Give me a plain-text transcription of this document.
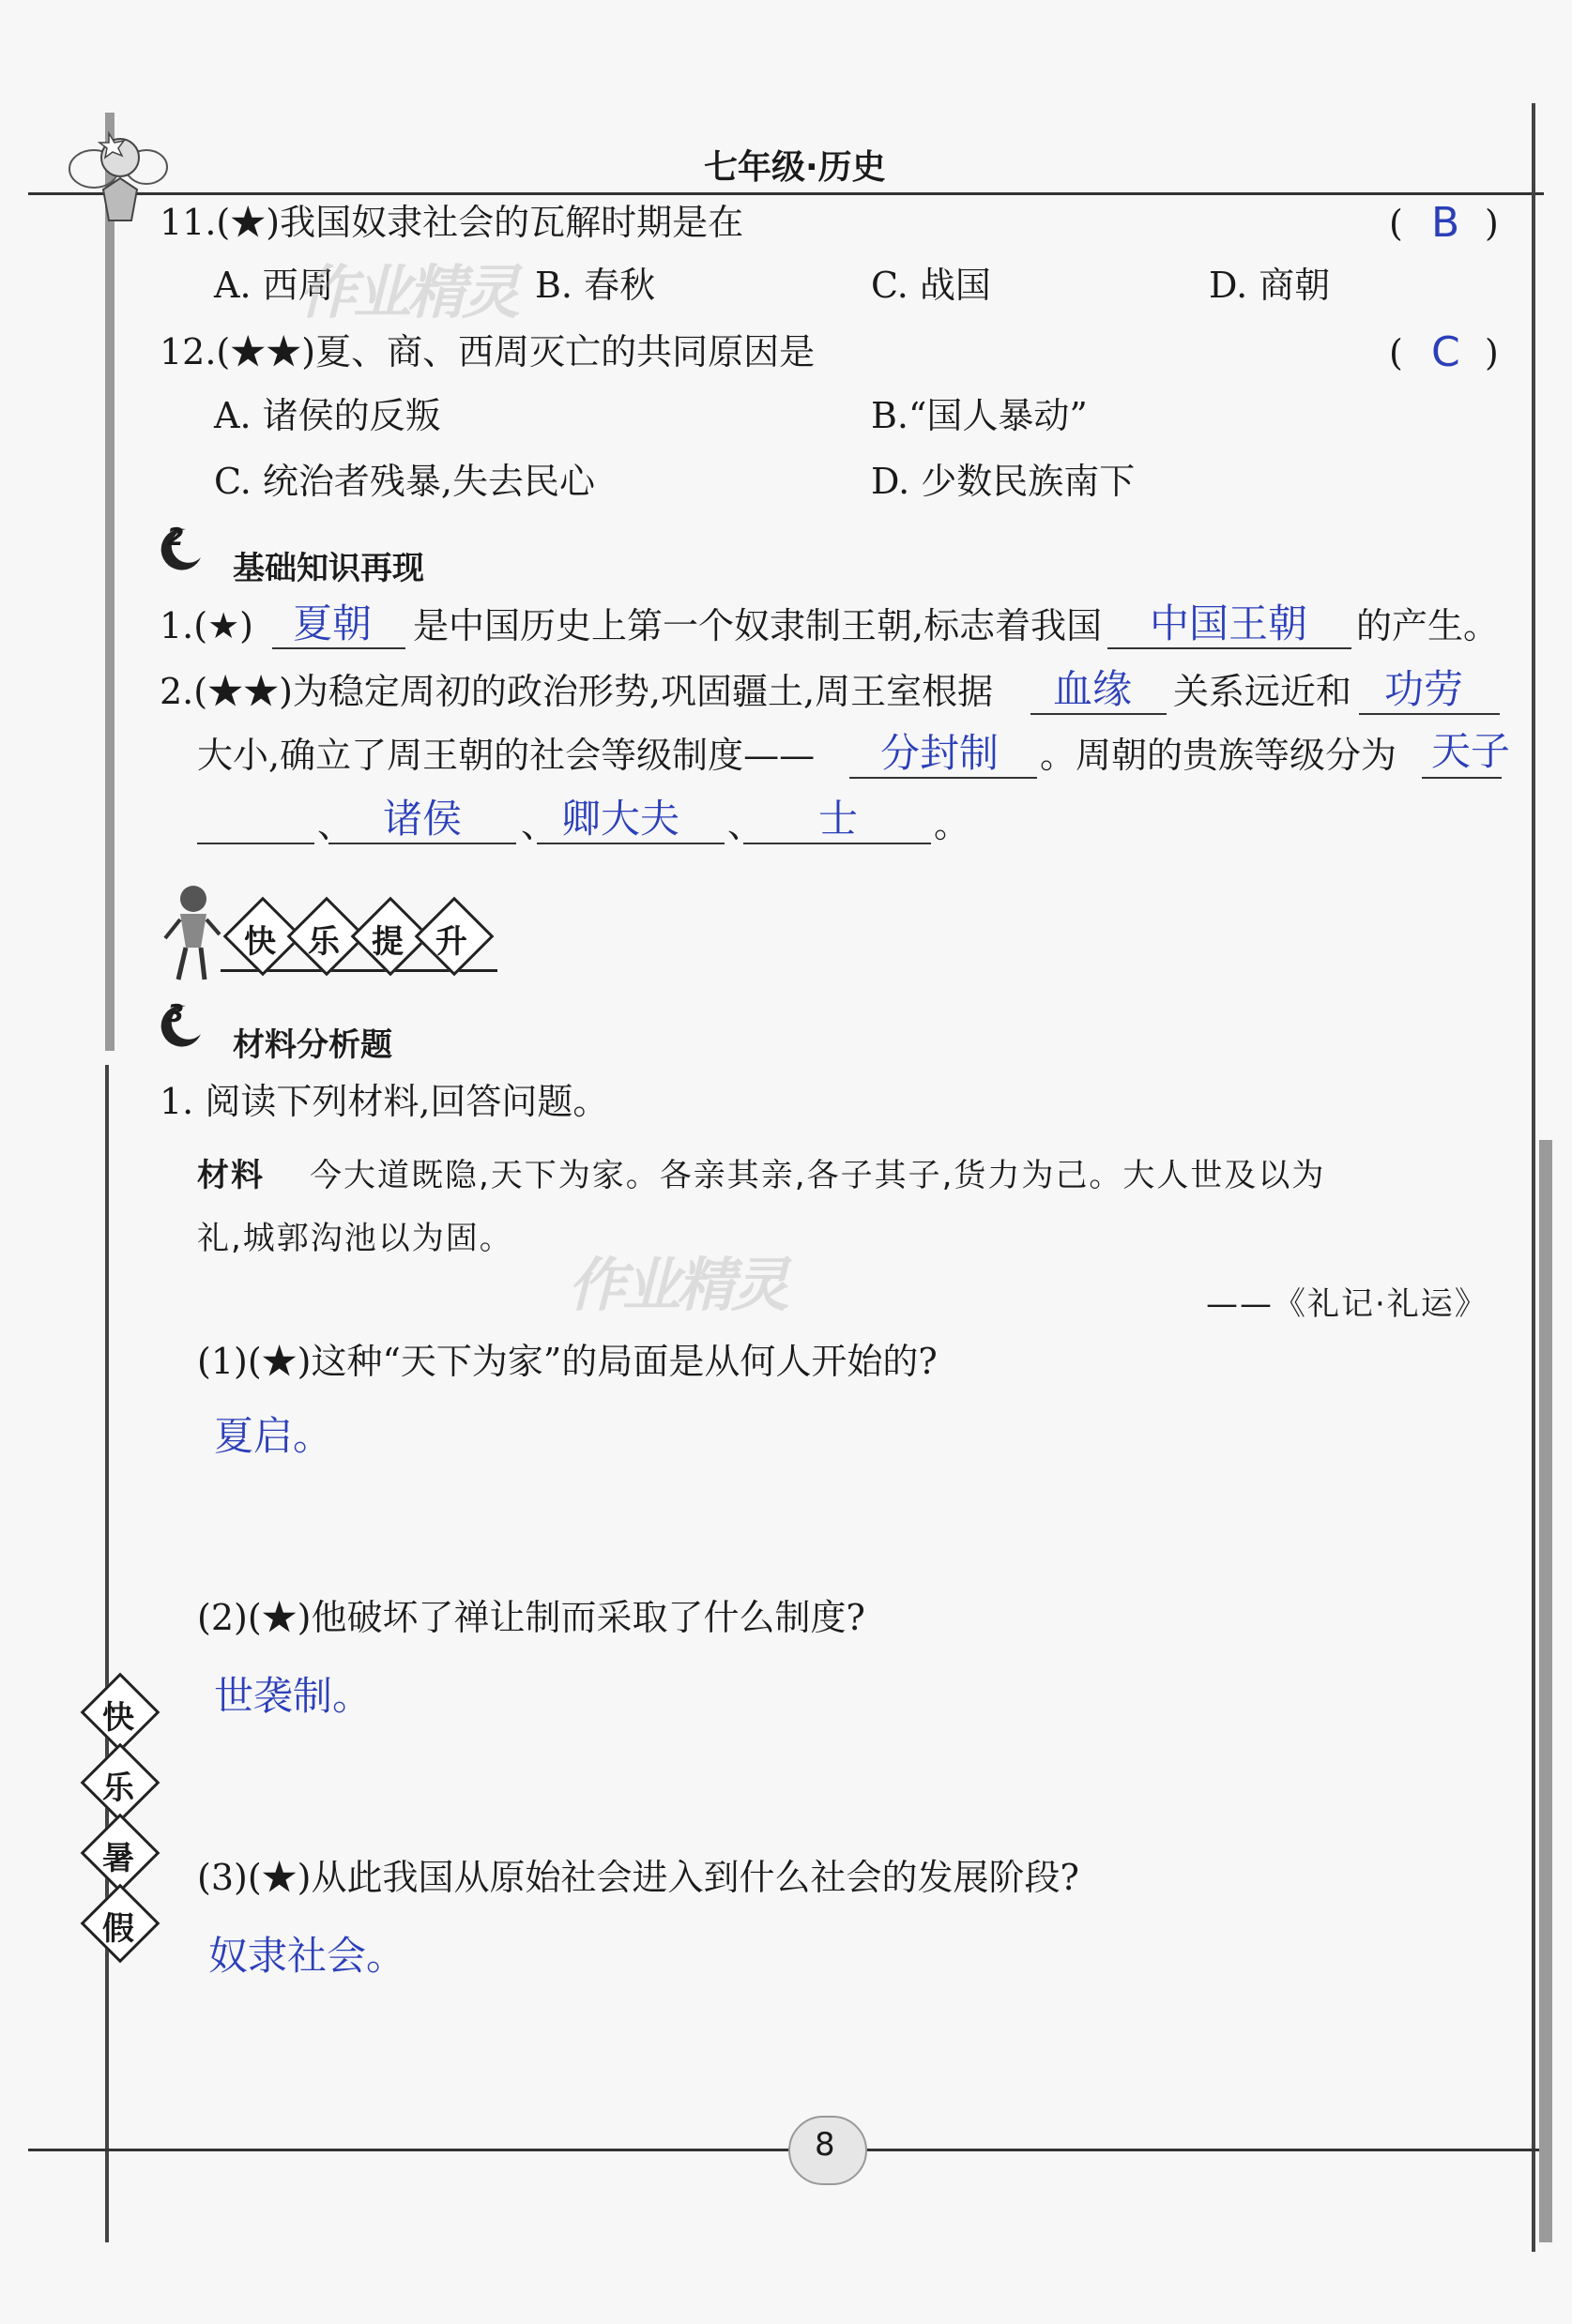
七年级·历史
11.(★)我国奴隶社会的瓦解时期是在	( B )
A. 西周	B. 春秋	C. 战国	D. 商朝
作业精灵
12.(★★)夏、商、西周灭亡的共同原因是	( C )
A. 诸侯的反叛	B.“国人暴动”
C. 统治者残暴,失去民心	D. 少数民族南下
2
基础知识再现
1.(★) 夏朝 是中国历史上第一个奴隶制王朝,标志着我国 中国王朝 的产生。
2.(★★)为稳定周初的政治形势,巩固疆土,周王室根据 血缘 关系远近和 功劳
大小,确立了周王朝的社会等级制度—— 分封制 。周朝的贵族等级分为 天子
、 诸侯 、 卿大夫 、 士 。
快 乐 提 升
3
材料分析题
1. 阅读下列材料,回答问题。
材料 今大道既隐,天下为家。各亲其亲,各子其子,货力为己。大人世及以为
礼,城郭沟池以为固。
作业精灵	——《礼记·礼运》
(1)(★)这种“天下为家”的局面是从何人开始的?
夏启。
(2)(★)他破坏了禅让制而采取了什么制度?
世袭制。
(3)(★)从此我国从原始社会进入到什么社会的发展阶段?
奴隶社会。
快
乐
暑
假
8
